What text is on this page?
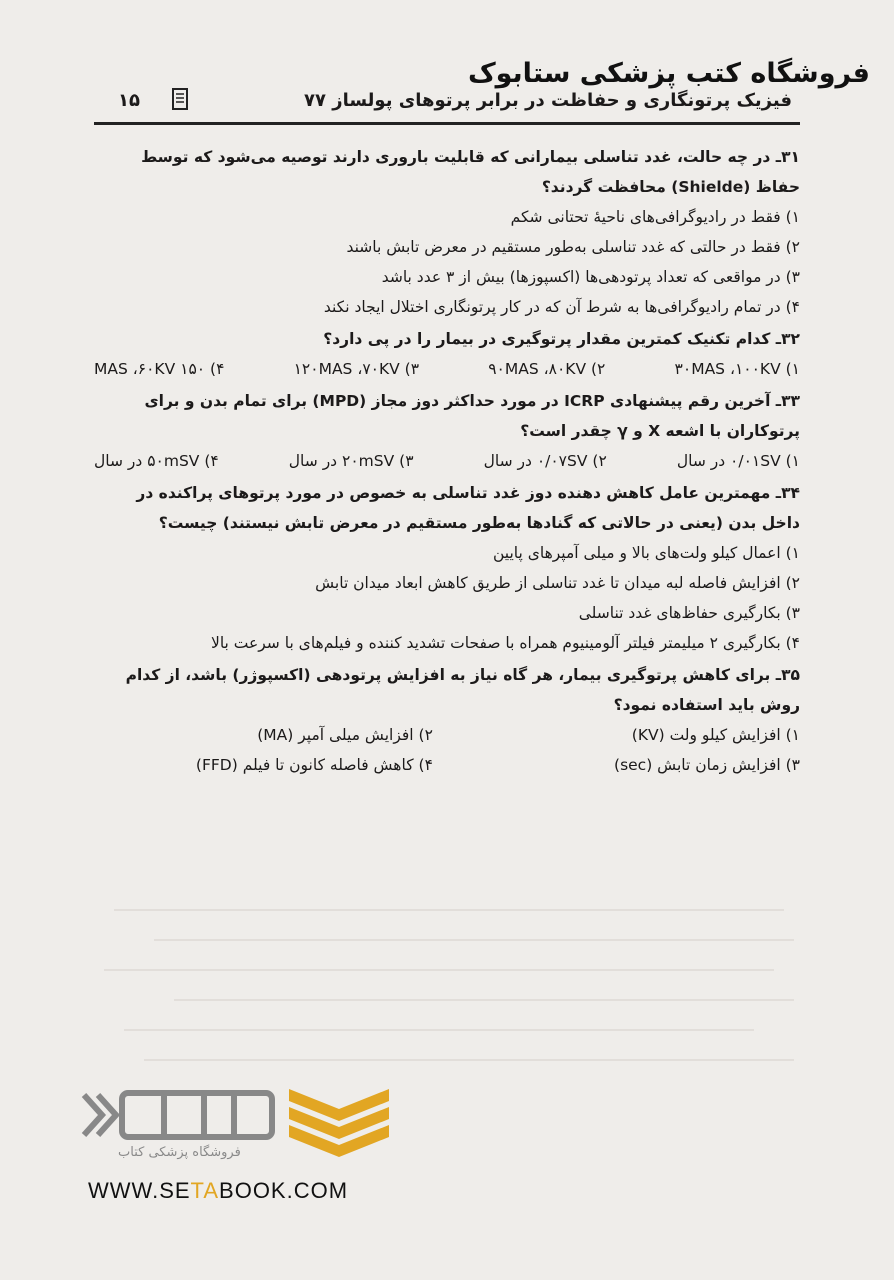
فروشگاه کتب پزشکی ستابوک
فیزیک پرتونگاری و حفاظت در برابر پرتوهای پولساز ۷۷
۱۵
۳۱ـ در چه حالت، غدد تناسلی بیمارانی که قابلیت باروری دارند توصیه می‌شود که توسط حفاظ (Shielde) محافظت گردند؟
۱) فقط در رادیوگرافی‌های ناحیهٔ تحتانی شکم
۲) فقط در حالتی که غدد تناسلی به‌طور مستقیم در معرض تابش باشند
۳) در مواقعی که تعداد پرتودهی‌ها (اکسپوزها) بیش از ۳ عدد باشد
۴) در تمام رادیوگرافی‌ها به شرط آن که در کار پرتونگاری اختلال ایجاد نکند
۳۲ـ کدام تکنیک کمترین مقدار پرتوگیری در بیمار را در پی دارد؟
۱) ۳۰MAS ،۱۰۰KV
۲) ۹۰MAS ،۸۰KV
۳) ۱۲۰MAS ،۷۰KV
۴) ۱۵۰ MAS ،۶۰KV
۳۳ـ آخرین رقم پیشنهادی ICRP در مورد حداکثر دوز مجاز (MPD) برای تمام بدن و برای پرتوکاران با اشعه X و γ چقدر است؟
۱) ۰/۰۱SV در سال
۲) ۰/۰۷SV در سال
۳) ۲۰mSV در سال
۴) ۵۰mSV در سال
۳۴ـ مهمترین عامل کاهش دهنده دوز غدد تناسلی به خصوص در مورد پرتوهای پراکنده در داخل بدن (یعنی در حالاتی که گنادها به‌طور مستقیم در معرض تابش نیستند) چیست؟
۱) اعمال کیلو ولت‌های بالا و میلی آمپرهای پایین
۲) افزایش فاصله لبه میدان تا غدد تناسلی از طریق کاهش ابعاد میدان تابش
۳) بکارگیری حفاظ‌های غدد تناسلی
۴) بکارگیری ۲ میلیمتر فیلتر آلومینیوم همراه با صفحات تشدید کننده و فیلم‌های با سرعت بالا
۳۵ـ برای کاهش پرتوگیری بیمار، هر گاه نیاز به افزایش پرتودهی (اکسپوژر) باشد، از کدام روش باید استفاده نمود؟
۱) افزایش کیلو ولت (KV)
۲) افزایش میلی آمپر (MA)
۳) افزایش زمان تابش (sec)
۴) کاهش فاصله کانون تا فیلم (FFD)
فروشگاه پزشکی کتاب
WWW.SETABOOK.COM
